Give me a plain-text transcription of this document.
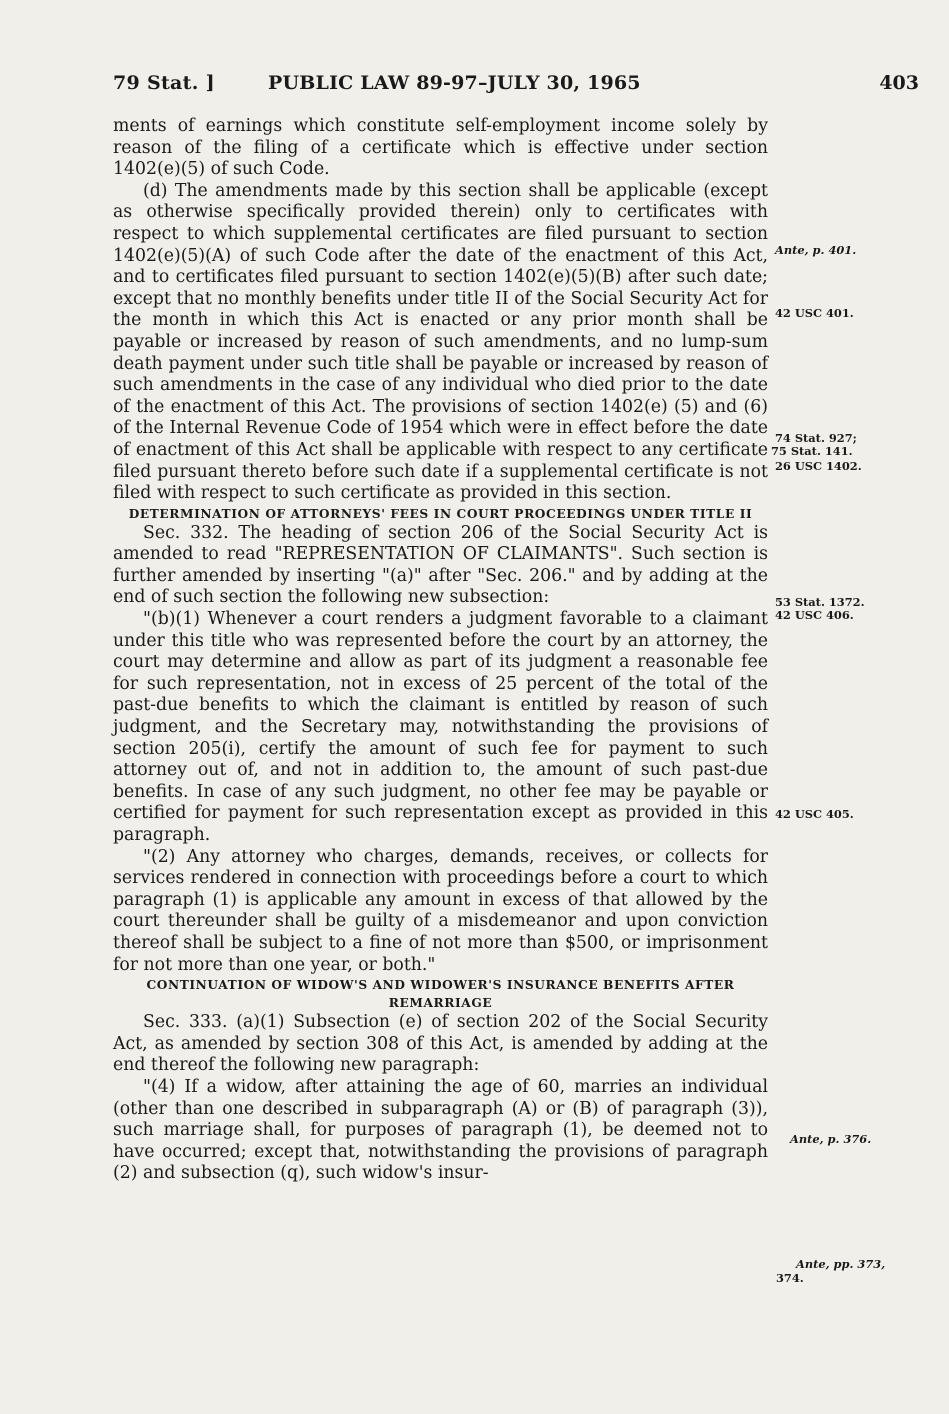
79 Stat. ]	PUBLIC LAW 89-97–JULY 30, 1965	403

ments of earnings which constitute self-employment income solely by reason of the filing of a certificate which is effective under section 1402(e)(5) of such Code.

(d) The amendments made by this section shall be applicable (except as otherwise specifically provided therein) only to certificates with respect to which supplemental certificates are filed pursuant to section 1402(e)(5)(A) of such Code after the date of the enactment of this Act, and to certificates filed pursuant to section 1402(e)(5)(B) after such date; except that no monthly benefits under title II of the Social Security Act for the month in which this Act is enacted or any prior month shall be payable or increased by reason of such amendments, and no lump-sum death payment under such title shall be payable or increased by reason of such amendments in the case of any individual who died prior to the date of the enactment of this Act. The provisions of section 1402(e) (5) and (6) of the Internal Revenue Code of 1954 which were in effect before the date of enactment of this Act shall be applicable with respect to any certificate filed pursuant thereto before such date if a supplemental certificate is not filed with respect to such certificate as provided in this section.

DETERMINATION OF ATTORNEYS' FEES IN COURT PROCEEDINGS UNDER TITLE II

Sec. 332. The heading of section 206 of the Social Security Act is amended to read "REPRESENTATION OF CLAIMANTS". Such section is further amended by inserting "(a)" after "Sec. 206." and by adding at the end of such section the following new subsection:

"(b)(1) Whenever a court renders a judgment favorable to a claimant under this title who was represented before the court by an attorney, the court may determine and allow as part of its judgment a reasonable fee for such representation, not in excess of 25 percent of the total of the past-due benefits to which the claimant is entitled by reason of such judgment, and the Secretary may, notwithstanding the provisions of section 205(i), certify the amount of such fee for payment to such attorney out of, and not in addition to, the amount of such past-due benefits. In case of any such judgment, no other fee may be payable or certified for payment for such representation except as provided in this paragraph.

"(2) Any attorney who charges, demands, receives, or collects for services rendered in connection with proceedings before a court to which paragraph (1) is applicable any amount in excess of that allowed by the court thereunder shall be guilty of a misdemeanor and upon conviction thereof shall be subject to a fine of not more than $500, or imprisonment for not more than one year, or both."

CONTINUATION OF WIDOW'S AND WIDOWER'S INSURANCE BENEFITS AFTER REMARRIAGE

Sec. 333. (a)(1) Subsection (e) of section 202 of the Social Security Act, as amended by section 308 of this Act, is amended by adding at the end thereof the following new paragraph:

"(4) If a widow, after attaining the age of 60, marries an individual (other than one described in subparagraph (A) or (B) of paragraph (3)), such marriage shall, for purposes of paragraph (1), be deemed not to have occurred; except that, notwithstanding the provisions of paragraph (2) and subsection (q), such widow's insur-

Ante, p. 401.
42 USC 401.
74 Stat. 927;
75 Stat. 141.
26 USC 1402.
53 Stat. 1372.
42 USC 406.
42 USC 405.
Ante, p. 376.
Ante, pp. 373,
374.
